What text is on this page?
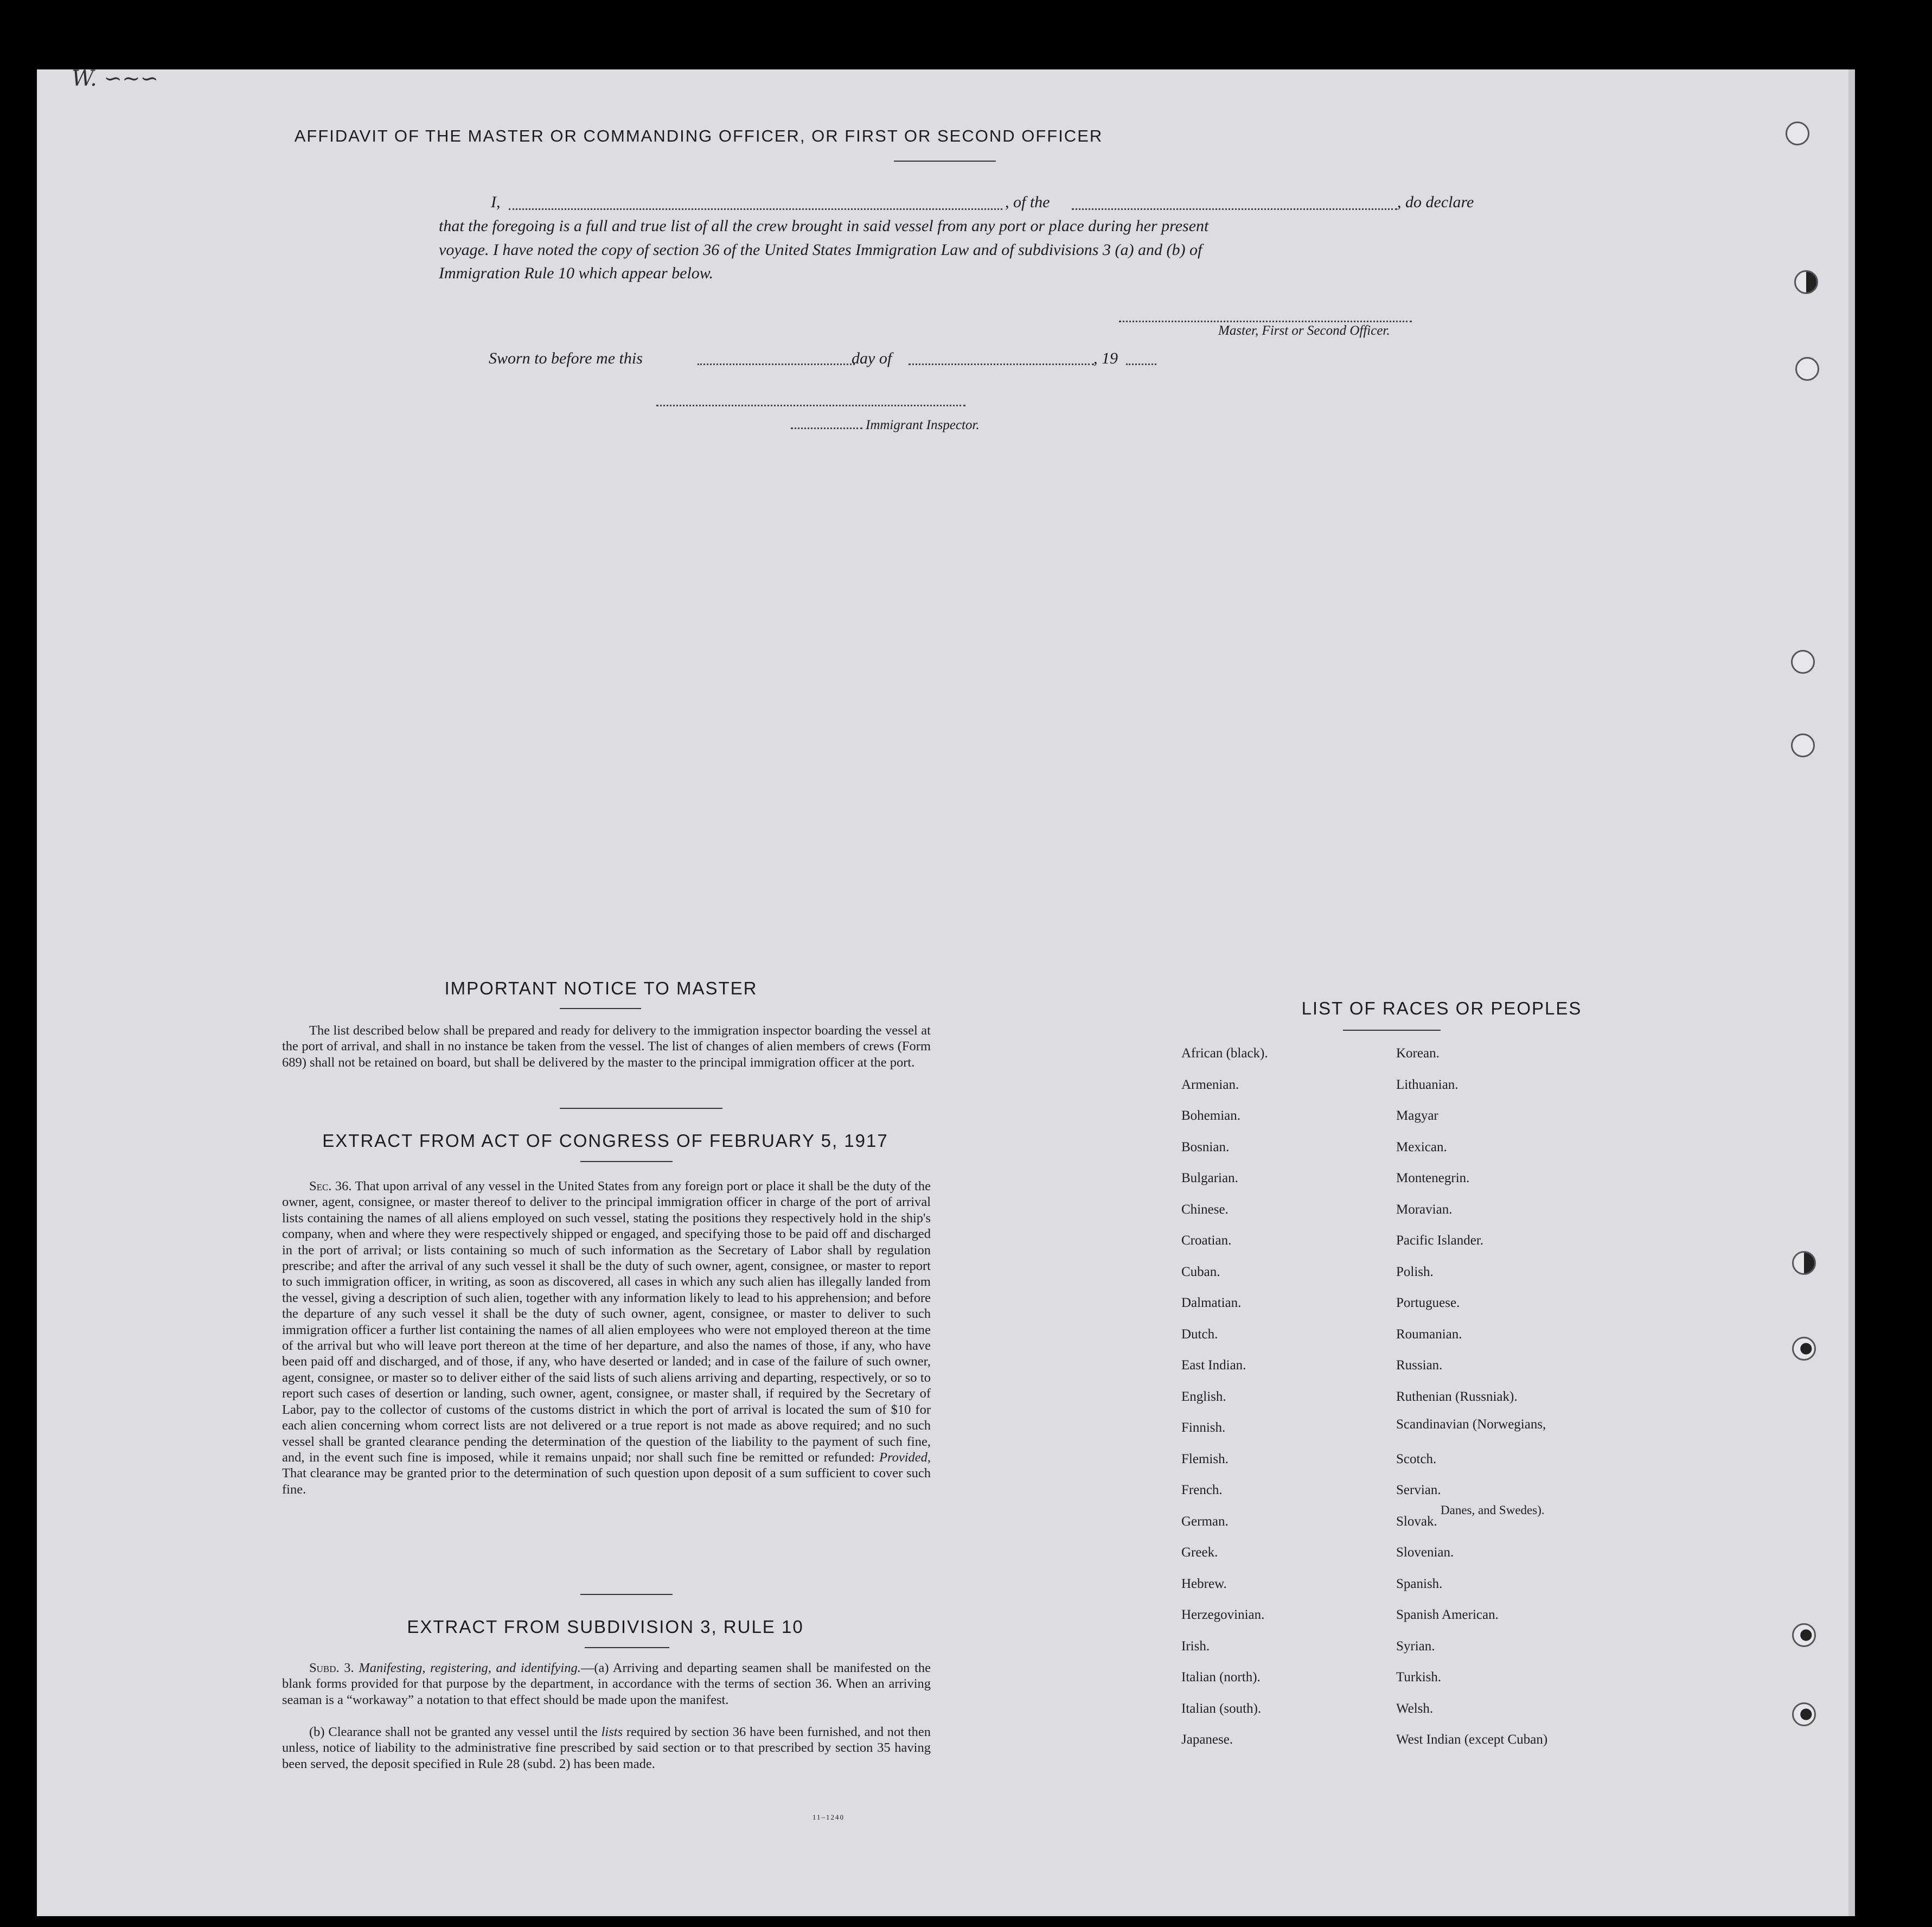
W. ∽∼∽
AFFIDAVIT OF THE MASTER OR COMMANDING OFFICER, OR FIRST OR SECOND OFFICER
I,	, of the	, do declare
that the foregoing is a full and true list of all the crew brought in said vessel from any port or place during her present
voyage. I have noted the copy of section 36 of the United States Immigration Law and of subdivisions 3 (a) and (b) of
Immigration Rule 10 which appear below.
Master, First or Second Officer.
Sworn to before me this	day of	, 19
Immigrant Inspector.
IMPORTANT NOTICE TO MASTER
The list described below shall be prepared and ready for delivery to the immigration inspector boarding the vessel at the port of arrival, and shall in no instance be taken from the vessel. The list of changes of alien members of crews (Form 689) shall not be retained on board, but shall be delivered by the master to the principal immigration officer at the port.
EXTRACT FROM ACT OF CONGRESS OF FEBRUARY 5, 1917
Sec. 36. That upon arrival of any vessel in the United States from any foreign port or place it shall be the duty of the owner, agent, consignee, or master thereof to deliver to the principal immigration officer in charge of the port of arrival lists containing the names of all aliens employed on such vessel, stating the positions they respectively hold in the ship's company, when and where they were respectively shipped or engaged, and specifying those to be paid off and discharged in the port of arrival; or lists containing so much of such information as the Secretary of Labor shall by regulation prescribe; and after the arrival of any such vessel it shall be the duty of such owner, agent, consignee, or master to report to such immigration officer, in writing, as soon as discovered, all cases in which any such alien has illegally landed from the vessel, giving a description of such alien, together with any information likely to lead to his apprehension; and before the departure of any such vessel it shall be the duty of such owner, agent, consignee, or master to deliver to such immigration officer a further list containing the names of all alien employees who were not employed thereon at the time of the arrival but who will leave port thereon at the time of her departure, and also the names of those, if any, who have been paid off and discharged, and of those, if any, who have deserted or landed; and in case of the failure of such owner, agent, consignee, or master so to deliver either of the said lists of such aliens arriving and departing, respectively, or so to report such cases of desertion or landing, such owner, agent, consignee, or master shall, if required by the Secretary of Labor, pay to the collector of customs of the customs district in which the port of arrival is located the sum of $10 for each alien concerning whom correct lists are not delivered or a true report is not made as above required; and no such vessel shall be granted clearance pending the determination of the question of the liability to the payment of such fine, and, in the event such fine is imposed, while it remains unpaid; nor shall such fine be remitted or refunded: Provided, That clearance may be granted prior to the determination of such question upon deposit of a sum sufficient to cover such fine.
EXTRACT FROM SUBDIVISION 3, RULE 10
Subd. 3. Manifesting, registering, and identifying.—(a) Arriving and departing seamen shall be manifested on the blank forms provided for that purpose by the department, in accordance with the terms of section 36. When an arriving seaman is a “workaway” a notation to that effect should be made upon the manifest.
(b) Clearance shall not be granted any vessel until the lists required by section 36 have been furnished, and not then unless, notice of liability to the administrative fine prescribed by said section or to that prescribed by section 35 having been served, the deposit specified in Rule 28 (subd. 2) has been made.
11–1240
LIST OF RACES OR PEOPLES
Danes, and Swedes).
African (black).
Armenian.
Bohemian.
Bosnian.
Bulgarian.
Chinese.
Croatian.
Cuban.
Dalmatian.
Dutch.
East Indian.
English.
Finnish.
Flemish.
French.
German.
Greek.
Hebrew.
Herzegovinian.
Irish.
Italian (north).
Italian (south).
Japanese.
Korean.
Lithuanian.
Magyar
Mexican.
Montenegrin.
Moravian.
Pacific Islander.
Polish.
Portuguese.
Roumanian.
Russian.
Ruthenian (Russniak).
Scandinavian (Norwegians,
Scotch.
Servian.
Slovak.
Slovenian.
Spanish.
Spanish American.
Syrian.
Turkish.
Welsh.
West Indian (except Cuban)
